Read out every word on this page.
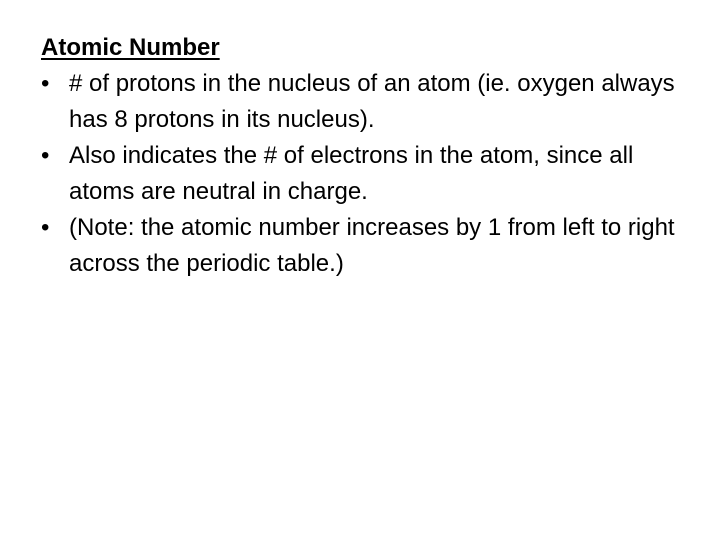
Atomic Number
• # of protons in the nucleus of an atom (ie. oxygen always has 8 protons in its nucleus).
• Also indicates the # of electrons in the atom, since all atoms are neutral in charge.
• (Note: the atomic number increases by 1 from left to right across the periodic table.)
